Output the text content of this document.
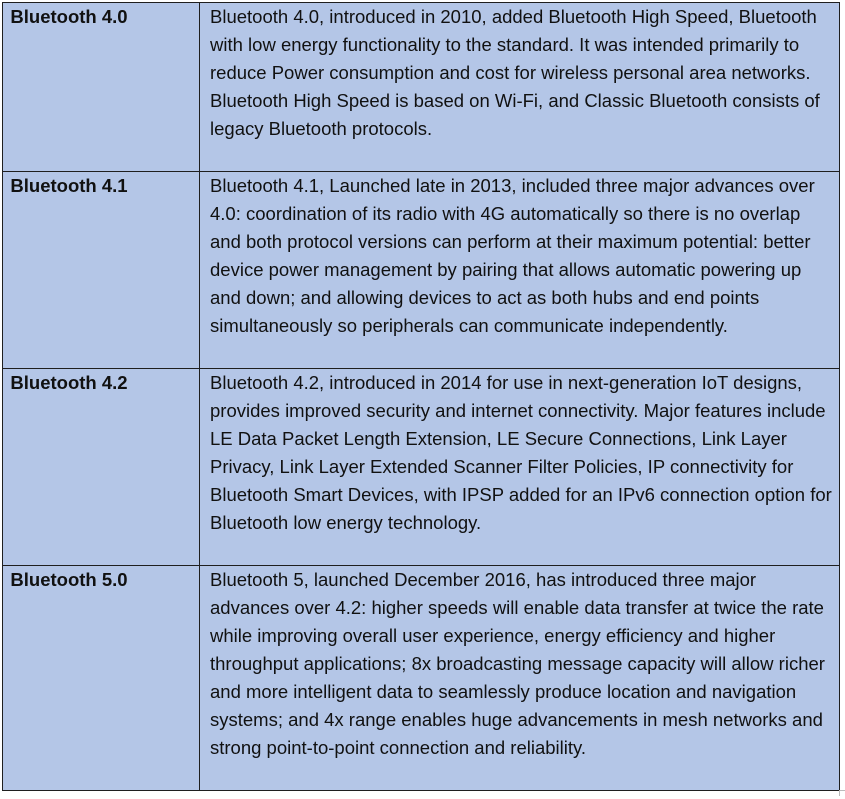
Bluetooth 4.0	Bluetooth 4.0, introduced in 2010, added Bluetooth High Speed, Bluetooth with low energy functionality to the standard. It was intended primarily to reduce Power consumption and cost for wireless personal area networks. Bluetooth High Speed is based on Wi-Fi, and Classic Bluetooth consists of legacy Bluetooth protocols.

Bluetooth 4.1	Bluetooth 4.1, Launched late in 2013, included three major advances over 4.0: coordination of its radio with 4G automatically so there is no overlap and both protocol versions can perform at their maximum potential: better device power management by pairing that allows automatic powering up and down; and allowing devices to act as both hubs and end points simultaneously so peripherals can communicate independently.

Bluetooth 4.2	Bluetooth 4.2, introduced in 2014 for use in next-generation IoT designs, provides improved security and internet connectivity. Major features include LE Data Packet Length Extension, LE Secure Connections, Link Layer Privacy, Link Layer Extended Scanner Filter Policies, IP connectivity for Bluetooth Smart Devices, with IPSP added for an IPv6 connection option for Bluetooth low energy technology.

Bluetooth 5.0	Bluetooth 5, launched December 2016, has introduced three major advances over 4.2: higher speeds will enable data transfer at twice the rate while improving overall user experience, energy efficiency and higher throughput applications; 8x broadcasting message capacity will allow richer and more intelligent data to seamlessly produce location and navigation systems; and 4x range enables huge advancements in mesh networks and strong point-to-point connection and reliability.
